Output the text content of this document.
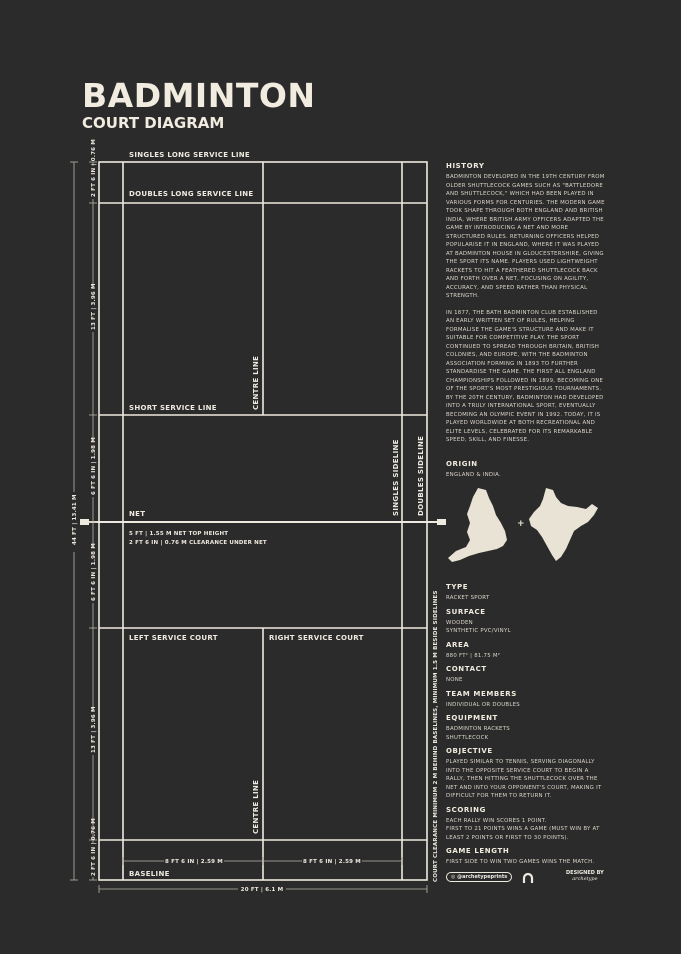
BADMINTON
COURT DIAGRAM
SINGLES LONG SERVICE LINE
DOUBLES LONG SERVICE LINE
SHORT SERVICE LINE	CENTRE LINE
NET
5 FT | 1.55 M NET TOP HEIGHT
2 FT 6 IN | 0.76 M CLEARANCE UNDER NET
LEFT SERVICE COURT	RIGHT SERVICE COURT
CENTRE LINE
BASELINE
SINGLES SIDELINE DOUBLES SIDELINE
COURT CLEARANCE MINIMUM 2 M BEHIND BASELINES, MINIMUM 1.5 M BESIDE SIDELINES
44 FT | 13.41 M
2 FT 6 IN | 0.76 M
13 FT | 3.96 M
6 FT 6 IN | 1.98 M
6 FT 6 IN | 1.98 M
13 FT | 3.96 M
2 FT 6 IN | 0.76 M	8 FT 6 IN | 2.59 M	8 FT 6 IN | 2.59 M
20 FT | 6.1 M
+
HISTORY
BADMINTON DEVELOPED IN THE 19TH CENTURY FROM OLDER SHUTTLECOCK GAMES SUCH AS "BATTLEDORE AND SHUTTLECOCK," WHICH HAD BEEN PLAYED IN VARIOUS FORMS FOR CENTURIES. THE MODERN GAME TOOK SHAPE THROUGH BOTH ENGLAND AND BRITISH INDIA, WHERE BRITISH ARMY OFFICERS ADAPTED THE GAME BY INTRODUCING A NET AND MORE STRUCTURED RULES. RETURNING OFFICERS HELPED POPULARISE IT IN ENGLAND, WHERE IT WAS PLAYED AT BADMINTON HOUSE IN GLOUCESTERSHIRE, GIVING THE SPORT ITS NAME. PLAYERS USED LIGHTWEIGHT RACKETS TO HIT A FEATHERED SHUTTLECOCK BACK AND FORTH OVER A NET, FOCUSING ON AGILITY, ACCURACY, AND SPEED RATHER THAN PHYSICAL STRENGTH.
IN 1877, THE BATH BADMINTON CLUB ESTABLISHED AN EARLY WRITTEN SET OF RULES, HELPING FORMALISE THE GAME'S STRUCTURE AND MAKE IT SUITABLE FOR COMPETITIVE PLAY. THE SPORT CONTINUED TO SPREAD THROUGH BRITAIN, BRITISH COLONIES, AND EUROPE, WITH THE BADMINTON ASSOCIATION FORMING IN 1893 TO FURTHER STANDARDISE THE GAME. THE FIRST ALL ENGLAND CHAMPIONSHIPS FOLLOWED IN 1899, BECOMING ONE OF THE SPORT'S MOST PRESTIGIOUS TOURNAMENTS. BY THE 20TH CENTURY, BADMINTON HAD DEVELOPED INTO A TRULY INTERNATIONAL SPORT, EVENTUALLY BECOMING AN OLYMPIC EVENT IN 1992. TODAY, IT IS PLAYED WORLDWIDE AT BOTH RECREATIONAL AND ELITE LEVELS, CELEBRATED FOR ITS REMARKABLE SPEED, SKILL, AND FINESSE.
ORIGIN
ENGLAND & INDIA.
TYPE
RACKET SPORT
SURFACE
WOODEN
SYNTHETIC PVC/VINYL
AREA
880 FT² | 81.75 M²
CONTACT
NONE
TEAM MEMBERS
INDIVIDUAL OR DOUBLES
EQUIPMENT
BADMINTON RACKETS
SHUTTLECOCK
OBJECTIVE
PLAYED SIMILAR TO TENNIS, SERVING DIAGONALLY INTO THE OPPOSITE SERVICE COURT TO BEGIN A RALLY, THEN HITTING THE SHUTTLECOCK OVER THE NET AND INTO YOUR OPPONENT'S COURT, MAKING IT DIFFICULT FOR THEM TO RETURN IT.
SCORING
EACH RALLY WIN SCORES 1 POINT.
FIRST TO 21 POINTS WINS A GAME (MUST WIN BY AT LEAST 2 POINTS OR FIRST TO 30 POINTS).
GAME LENGTH
FIRST SIDE TO WIN TWO GAMES WINS THE MATCH.
◎ @archetypeprints
DESIGNED BY
archetype
